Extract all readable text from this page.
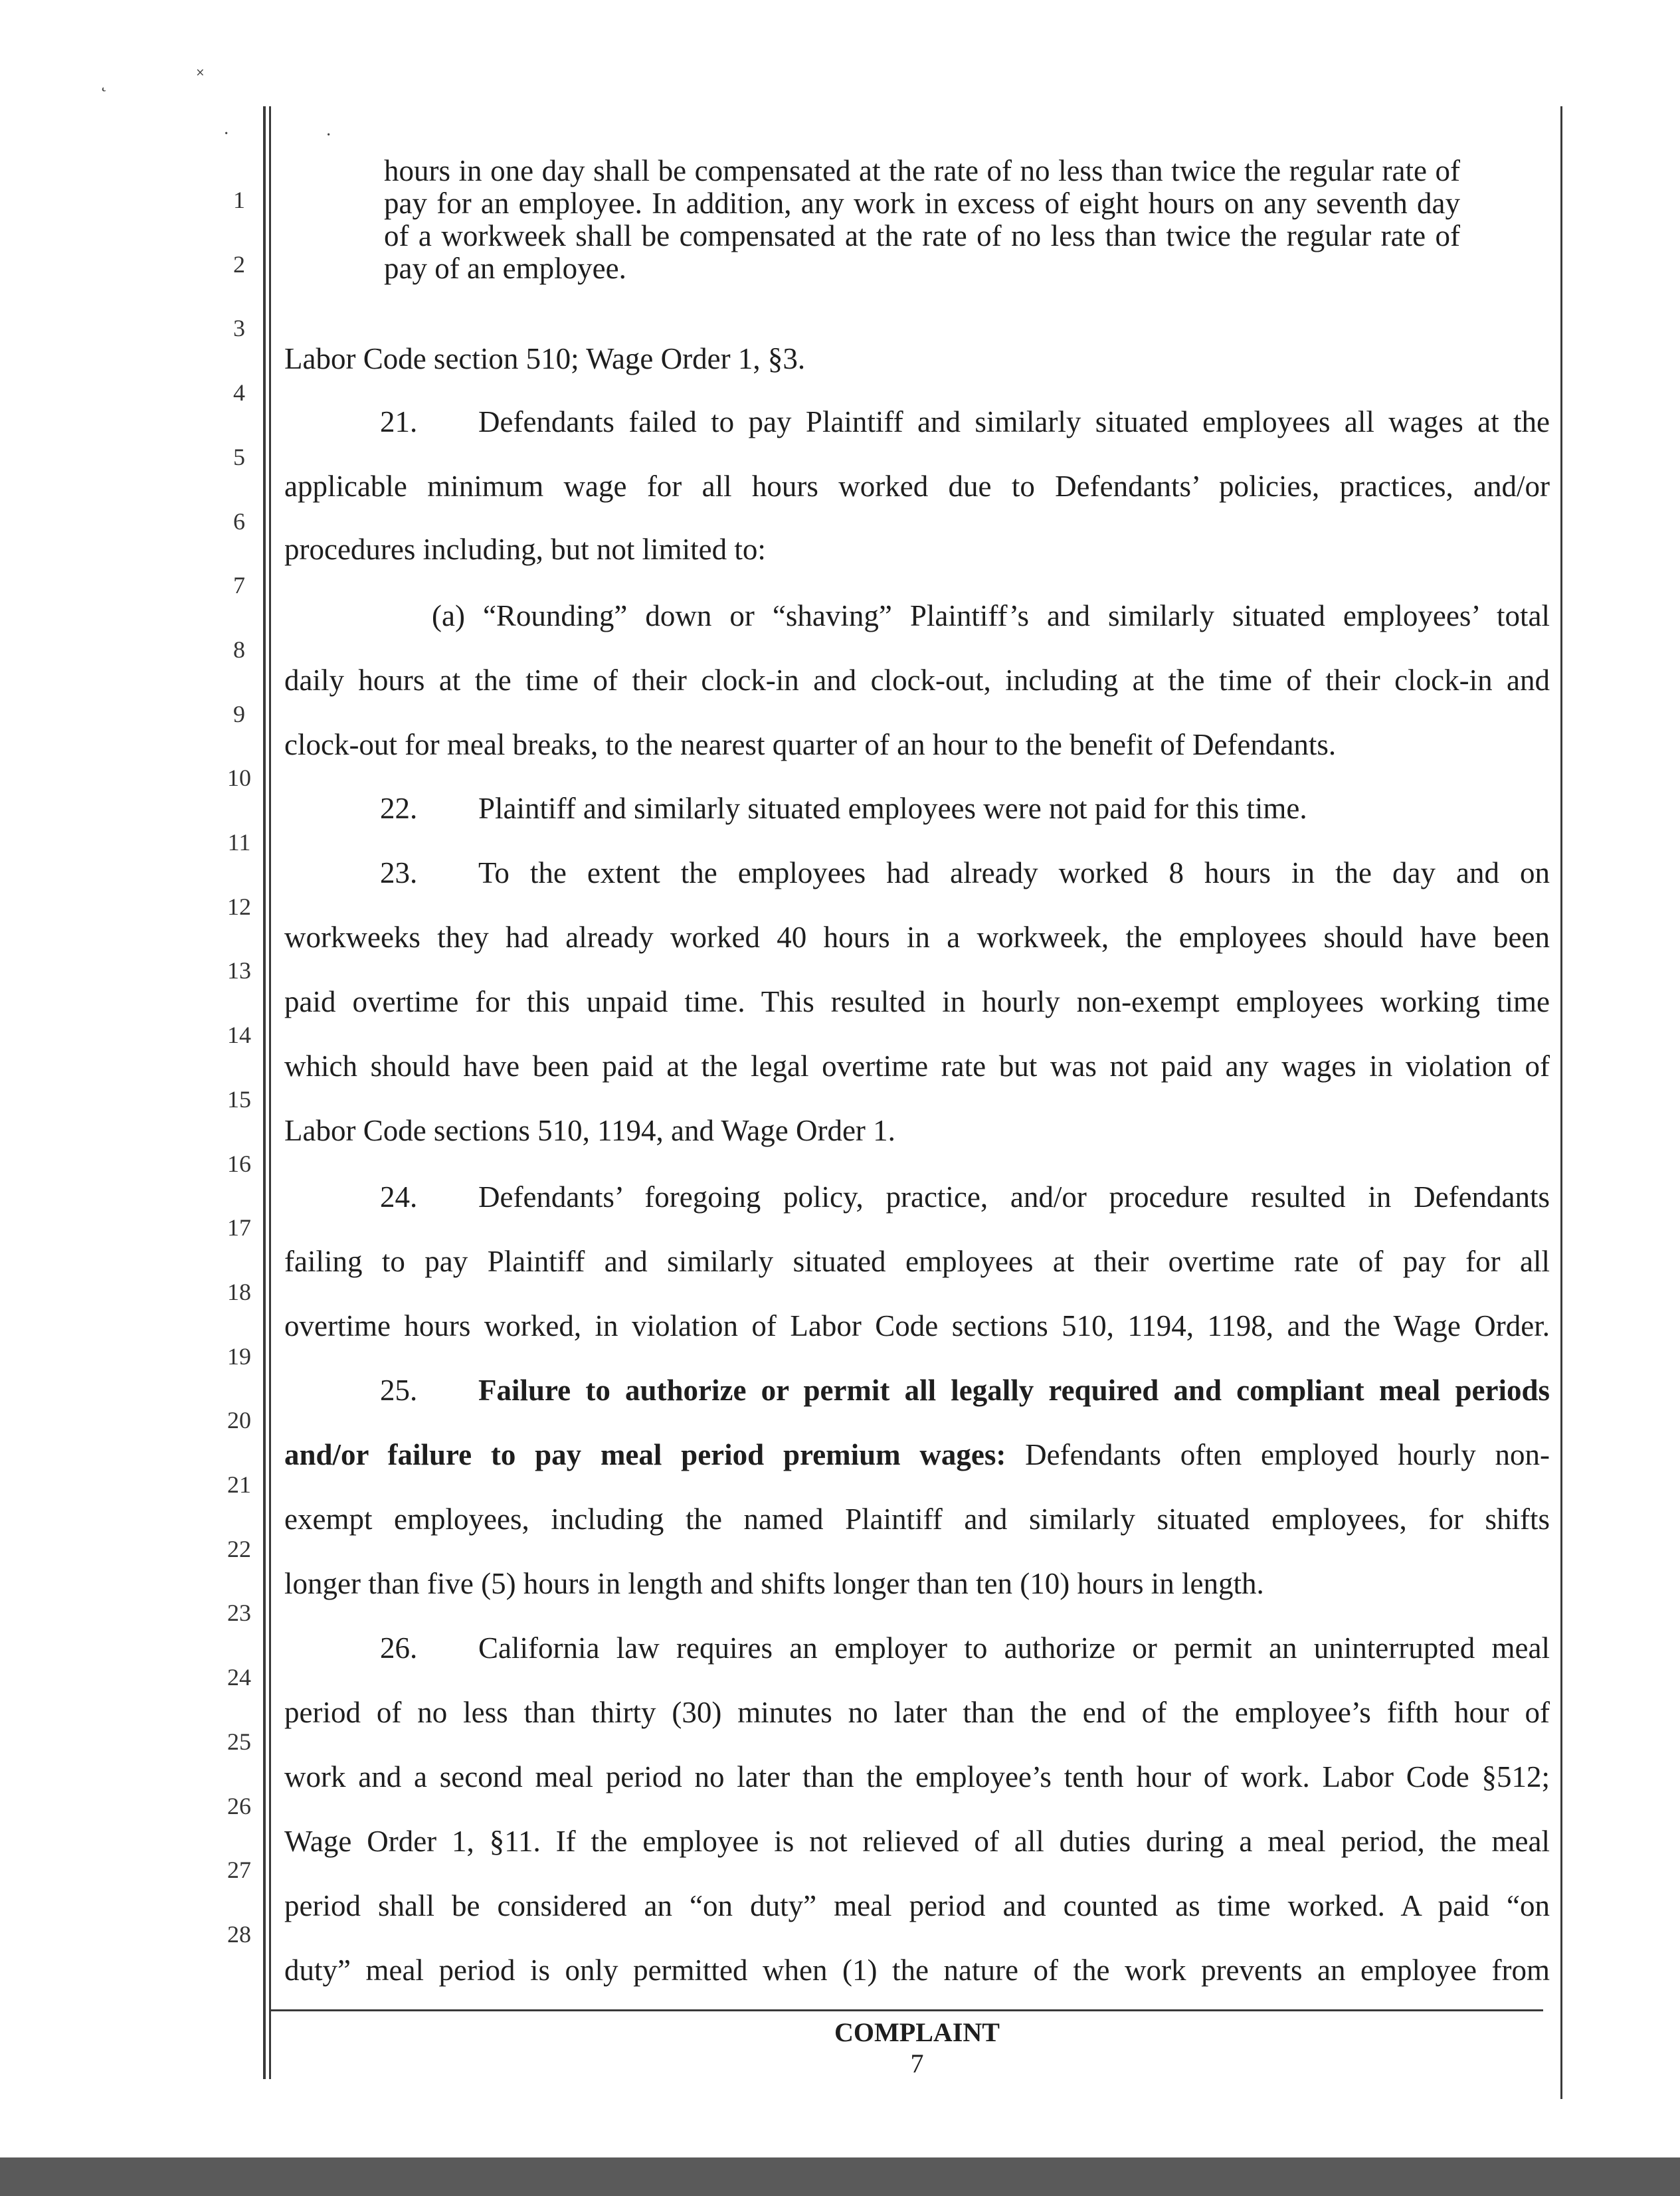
˛	˟
·	·
1
2
3
4
5
6
7
8
9
10
11
12
13
14
15
16
17
18
19
20
21
22
23
24
25
26
27
28
hours in one day shall be compensated at the rate of no less than twice the regular rate of pay for an employee. In addition, any work in excess of eight hours on any seventh day of a workweek shall be compensated at the rate of no less than twice the regular rate of pay of an employee.
Labor Code section 510; Wage Order 1, §3.
21. Defendants failed to pay Plaintiff and similarly situated employees all wages at the
applicable minimum wage for all hours worked due to Defendants’ policies, practices, and/or
procedures including, but not limited to:
(a) “Rounding” down or “shaving” Plaintiff’s and similarly situated employees’ total
daily hours at the time of their clock-in and clock-out, including at the time of their clock-in and
clock-out for meal breaks, to the nearest quarter of an hour to the benefit of Defendants.
22. Plaintiff and similarly situated employees were not paid for this time.
23. To the extent the employees had already worked 8 hours in the day and on
workweeks they had already worked 40 hours in a workweek, the employees should have been
paid overtime for this unpaid time. This resulted in hourly non-exempt employees working time
which should have been paid at the legal overtime rate but was not paid any wages in violation of
Labor Code sections 510, 1194, and Wage Order 1.
24. Defendants’ foregoing policy, practice, and/or procedure resulted in Defendants
failing to pay Plaintiff and similarly situated employees at their overtime rate of pay for all
overtime hours worked, in violation of Labor Code sections 510, 1194, 1198, and the Wage Order.
25. Failure to authorize or permit all legally required and compliant meal periods
and/or failure to pay meal period premium wages: Defendants often employed hourly non-
exempt employees, including the named Plaintiff and similarly situated employees, for shifts
longer than five (5) hours in length and shifts longer than ten (10) hours in length.
26. California law requires an employer to authorize or permit an uninterrupted meal
period of no less than thirty (30) minutes no later than the end of the employee’s fifth hour of
work and a second meal period no later than the employee’s tenth hour of work. Labor Code §512;
Wage Order 1, §11. If the employee is not relieved of all duties during a meal period, the meal
period shall be considered an “on duty” meal period and counted as time worked. A paid “on
duty” meal period is only permitted when (1) the nature of the work prevents an employee from
COMPLAINT
7
